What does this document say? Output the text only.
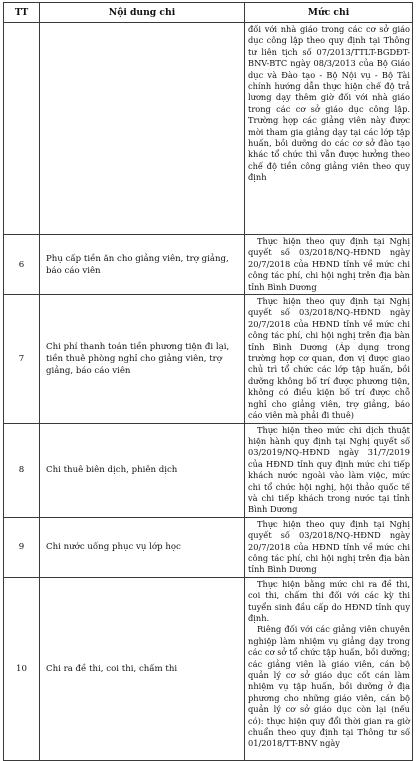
TT	Nội dung chi	Mức chi

		đối với nhà giáo trong các cơ sở giáo dục công lập theo quy định tại Thông tư liên tịch số 07/2013/TTLT-BGDĐT-BNV-BTC ngày 08/3/2013 của Bộ Giáo dục và Đào tạo - Bộ Nội vụ - Bộ Tài chính hướng dẫn thực hiện chế độ trả lương dạy thêm giờ đối với nhà giáo trong các cơ sở giáo dục công lập. Trường hợp các giảng viên này được mời tham gia giảng dạy tại các lớp tập huấn, bồi dưỡng do các cơ sở đào tạo khác tổ chức thì vẫn được hưởng theo chế độ tiền công giảng viên theo quy định

6	Phụ cấp tiền ăn cho giảng viên, trợ giảng, báo cáo viên	Thực hiện theo quy định tại Nghị quyết số 03/2018/NQ-HĐND ngày 20/7/2018 của HĐND tỉnh về mức chi công tác phí, chi hội nghị trên địa bàn tỉnh Bình Dương

7	Chi phí thanh toán tiền phương tiện đi lại, tiền thuê phòng nghỉ cho giảng viên, trợ giảng, báo cáo viên	Thực hiện theo quy định tại Nghị quyết số 03/2018/NQ-HĐND ngày 20/7/2018 của HĐND tỉnh về mức chi công tác phí, chi hội nghị trên địa bàn tỉnh Bình Dương (Áp dụng trong trường hợp cơ quan, đơn vị được giao chủ trì tổ chức các lớp tập huấn, bồi dưỡng không bố trí được phương tiện, không có điều kiện bố trí được chỗ nghỉ cho giảng viên, trợ giảng, báo cáo viên mà phải đi thuê)

8	Chi thuê biên dịch, phiên dịch	Thực hiện theo mức chi dịch thuật hiện hành quy định tại Nghị quyết số 03/2019/NQ-HĐND ngày 31/7/2019 của HĐND tỉnh quy định mức chi tiếp khách nước ngoài vào làm việc, mức chi tổ chức hội nghị, hội thảo quốc tế và chi tiếp khách trong nước tại tỉnh Bình Dương

9	Chi nước uống phục vụ lớp học	Thực hiện theo quy định tại Nghị quyết số 03/2018/NQ-HĐND ngày 20/7/2018 của HĐND tỉnh về mức chi công tác phí, chi hội nghị trên địa bàn tỉnh Bình Dương

10	Chi ra đề thi, coi thi, chấm thi	Thực hiện bằng mức chi ra đề thi, coi thi, chấm thi đối với các kỳ thi tuyển sinh đầu cấp do HĐND tỉnh quy định.

Riêng đối với các giảng viên chuyên nghiệp làm nhiệm vụ giảng dạy trong các cơ sở tổ chức tập huấn, bồi dưỡng; các giảng viên là giáo viên, cán bộ quản lý cơ sở giáo dục cốt cán làm nhiệm vụ tập huấn, bồi dưỡng ở địa phương cho những giáo viên, cán bộ quản lý cơ sở giáo dục còn lại (nếu có): thực hiện quy đổi thời gian ra giờ chuẩn theo quy định tại Thông tư số 01/2018/TT-BNV ngày
